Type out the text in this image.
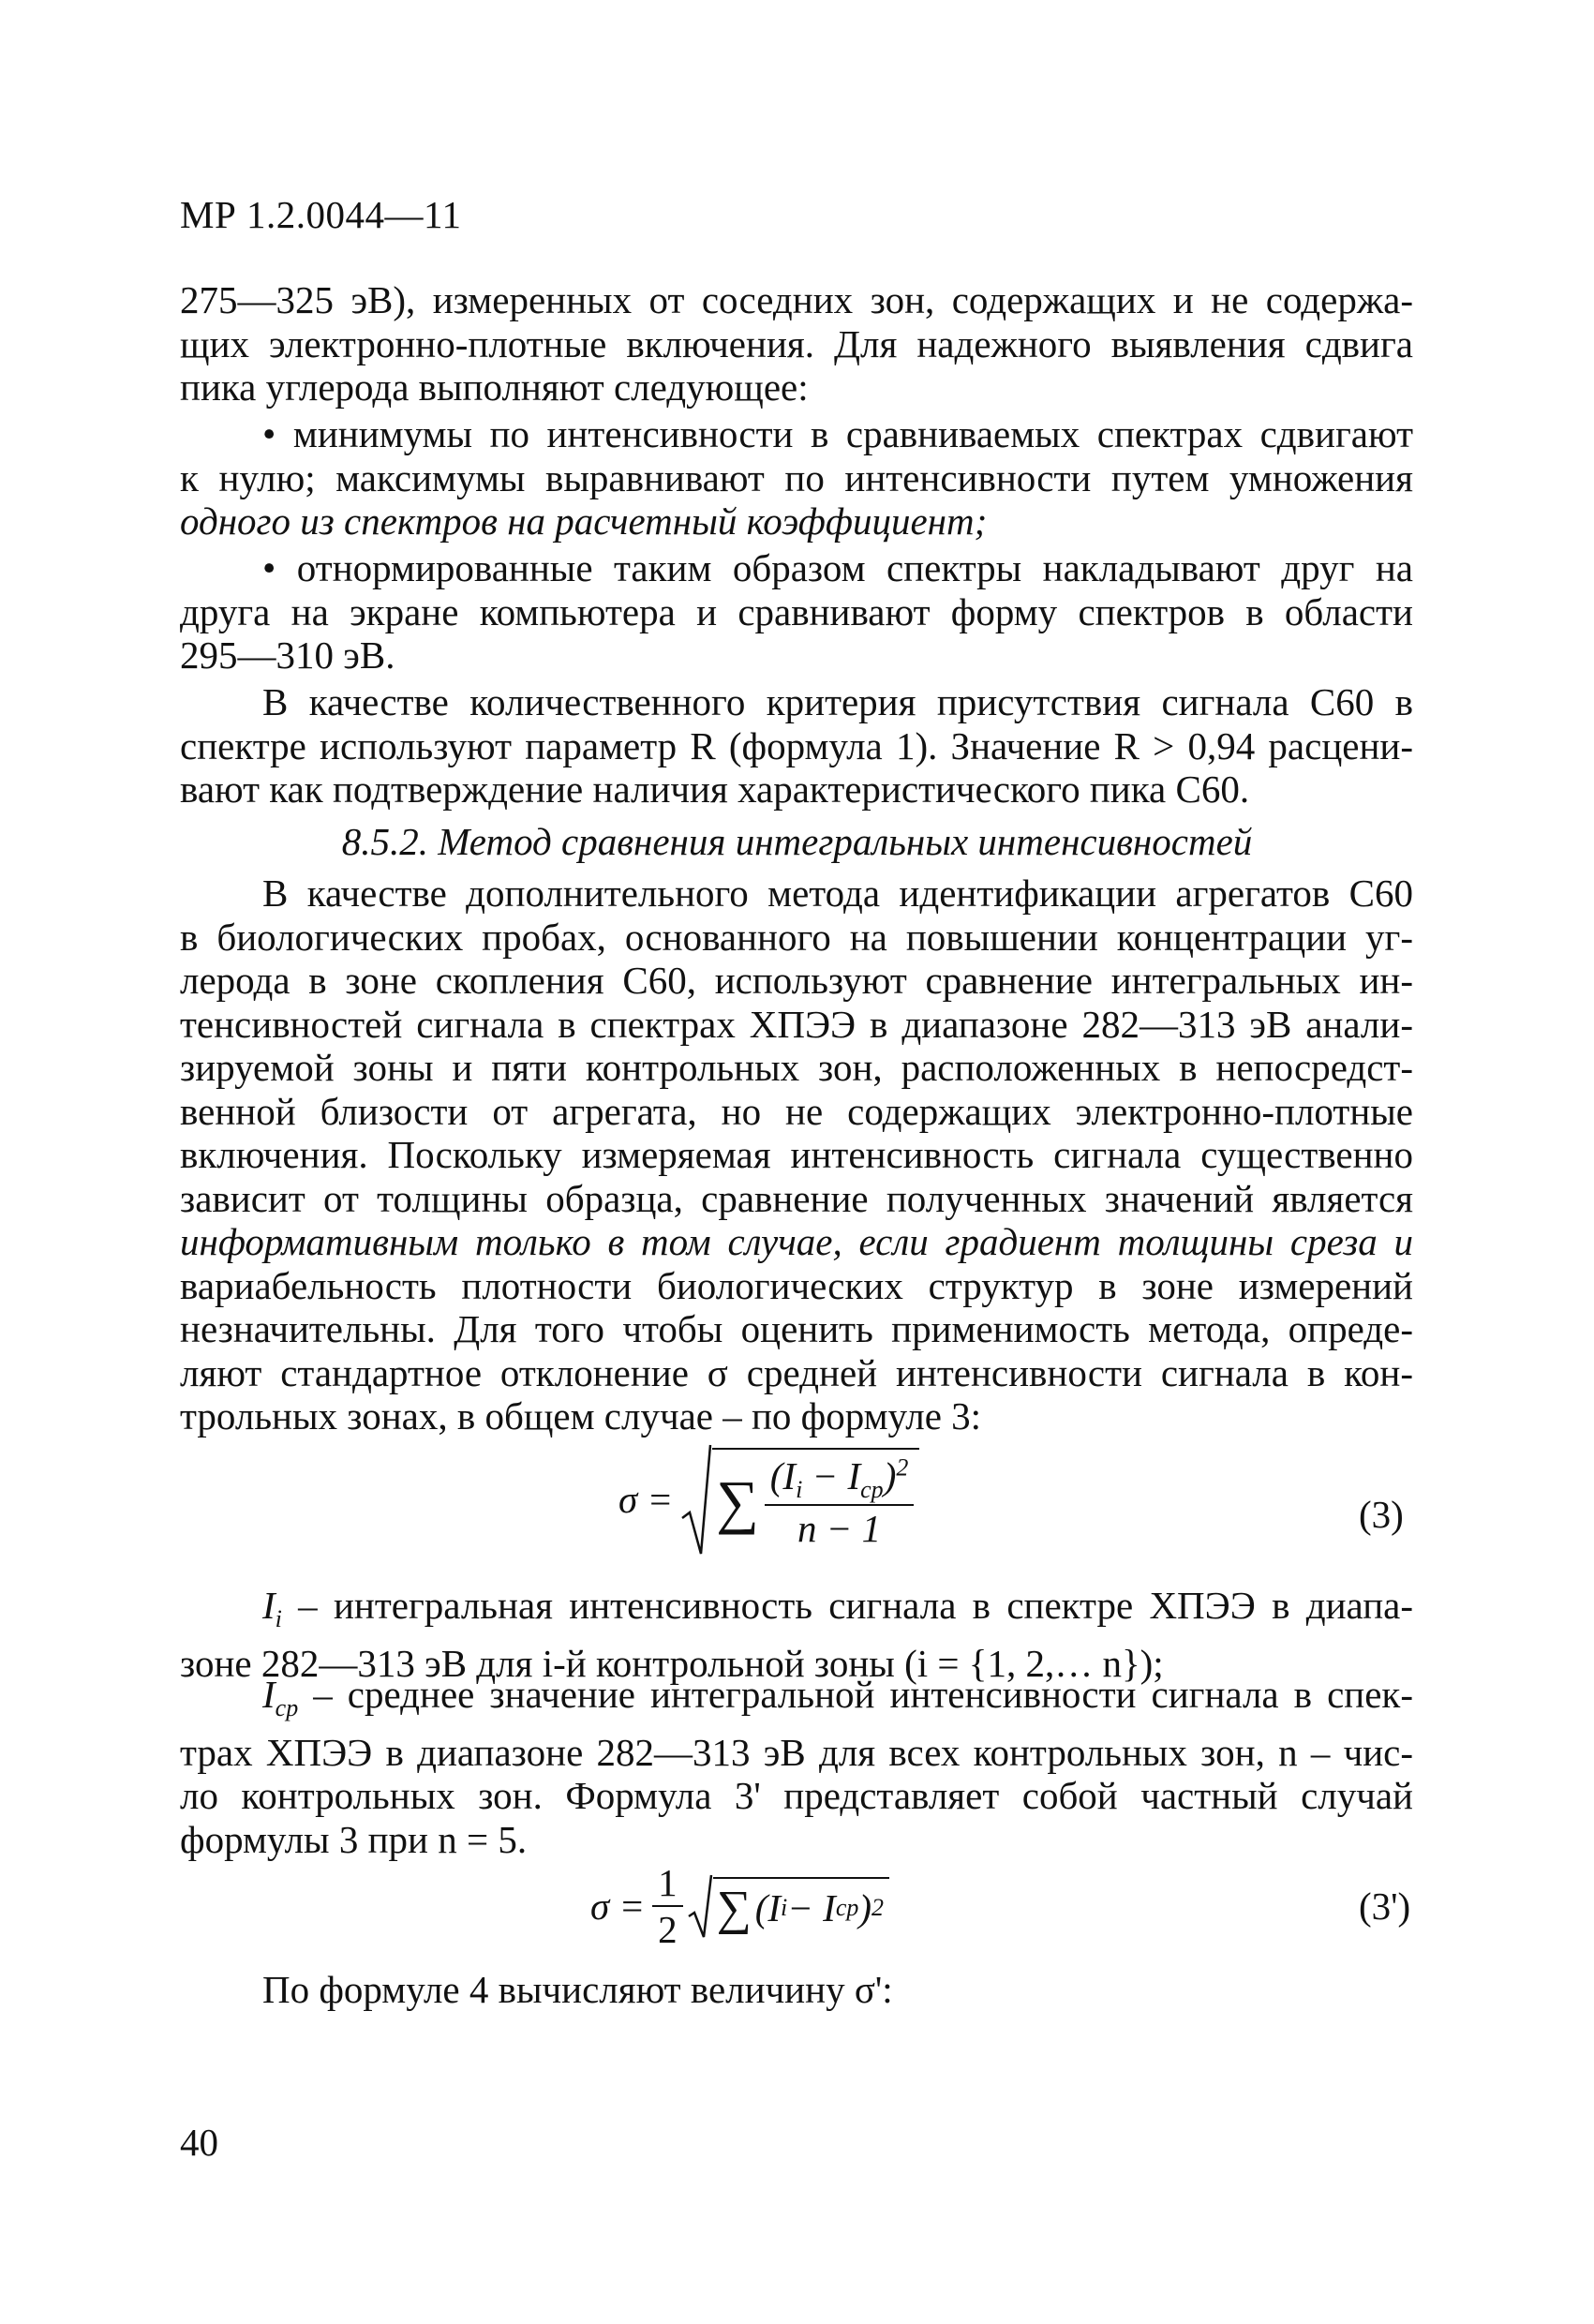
МР 1.2.0044—11
275—325 эВ), измеренных от соседних зон, содержащих и не содержа-
щих электронно-плотные включения. Для надежного выявления сдвига
пика углерода выполняют следующее:
• минимумы по интенсивности в сравниваемых спектрах сдвигают
к нулю; максимумы выравнивают по интенсивности путем умножения
одного из спектров на расчетный коэффициент;
• отнормированные таким образом спектры накладывают друг на
друга на экране компьютера и сравнивают форму спектров в области
295—310 эВ.
В качестве количественного критерия присутствия сигнала С60 в
спектре используют параметр R (формула 1). Значение R > 0,94 расцени-
вают как подтверждение наличия характеристического пика С60.
8.5.2. Метод сравнения интегральных интенсивностей
В качестве дополнительного метода идентификации агрегатов С60
в биологических пробах, основанного на повышении концентрации уг-
лерода в зоне скопления С60, используют сравнение интегральных ин-
тенсивностей сигнала в спектрах ХПЭЭ в диапазоне 282—313 эВ анали-
зируемой зоны и пяти контрольных зон, расположенных в непосредст-
венной близости от агрегата, но не содержащих электронно-плотные
включения. Поскольку измеряемая интенсивность сигнала существенно
зависит от толщины образца, сравнение полученных значений является
информативным только в том случае, если градиент толщины среза и
вариабельность плотности биологических структур в зоне измерений
незначительны. Для того чтобы оценить применимость метода, опреде-
ляют стандартное отклонение σ средней интенсивности сигнала в кон-
трольных зонах, в общем случае – по формуле 3:
σ = ∑ $\frac{(I_i - I_{cp})^2}{n - 1}$	(3)
$I_i$ – интегральная интенсивность сигнала в спектре ХПЭЭ в диапа-
зоне 282—313 эВ для i-й контрольной зоны (i = {1, 2,… n});
$I_{cp}$ – среднее значение интегральной интенсивности сигнала в спек-
трах ХПЭЭ в диапазоне 282—313 эВ для всех контрольных зон, n – чис-
ло контрольных зон. Формула 3' представляет собой частный случай
формулы 3 при n = 5.
$\sigma = \frac{1}{2}$ ∑ (I i − I cp ) 2	(3')
По формуле 4 вычисляют величину σ':
40
